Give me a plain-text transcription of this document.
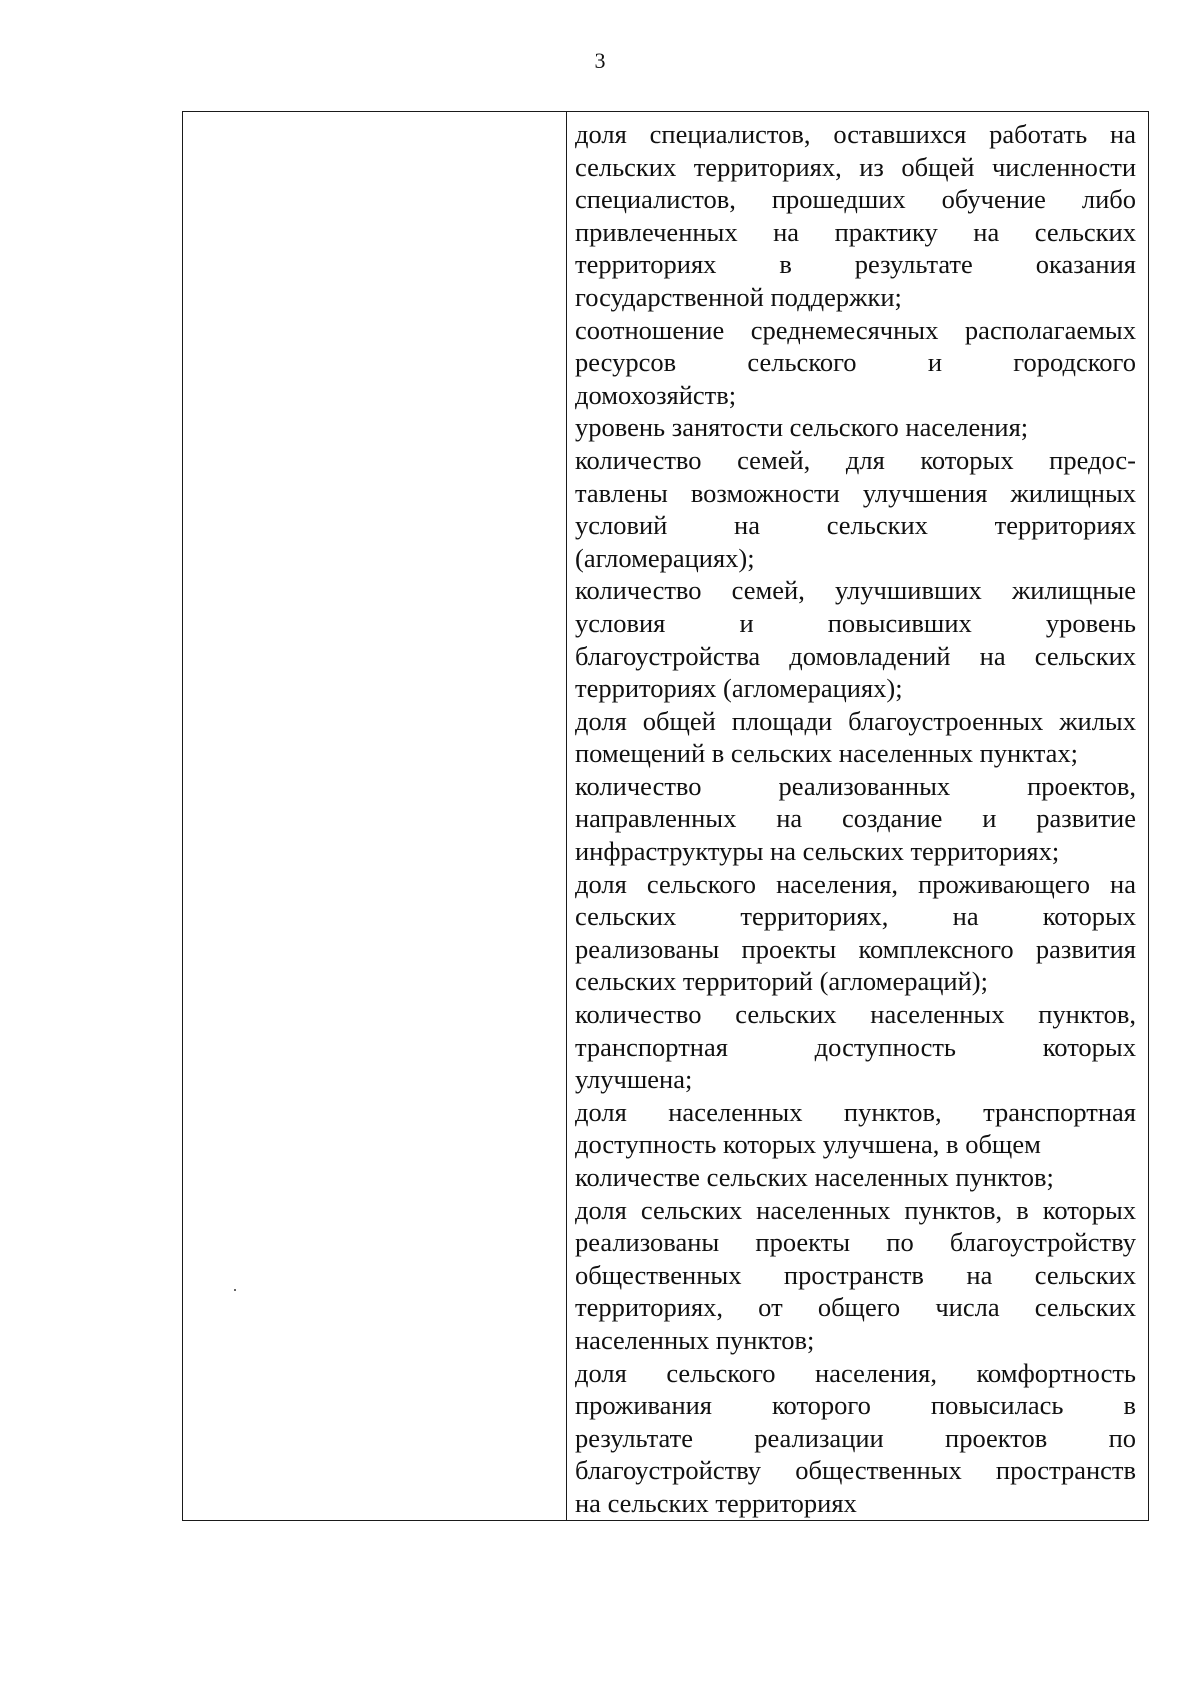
3
доля специалистов, оставшихся работать на
сельских территориях, из общей численности
специалистов, прошедших обучение либо
привлеченных на практику на сельских
территориях в результате оказания
государственной поддержки;
соотношение среднемесячных располагаемых
ресурсов сельского и городского
домохозяйств;
уровень занятости сельского населения;
количество семей, для которых предос-
тавлены возможности улучшения жилищных
условий на сельских территориях
(агломерациях);
количество семей, улучшивших жилищные
условия и повысивших уровень
благоустройства домовладений на сельских
территориях (агломерациях);
доля общей площади благоустроенных жилых
помещений в сельских населенных пунктах;
количество реализованных проектов,
направленных на создание и развитие
инфраструктуры на сельских территориях;
доля сельского населения, проживающего на
сельских территориях, на которых
реализованы проекты комплексного развития
сельских территорий (агломераций);
количество сельских населенных пунктов,
транспортная доступность которых
улучшена;
доля населенных пунктов, транспортная
доступность которых улучшена, в общем
количестве сельских населенных пунктов;
доля сельских населенных пунктов, в которых
реализованы проекты по благоустройству
общественных пространств на сельских
территориях, от общего числа сельских
населенных пунктов;
доля сельского населения, комфортность
проживания которого повысилась в
результате реализации проектов по
благоустройству общественных пространств
на сельских территориях
